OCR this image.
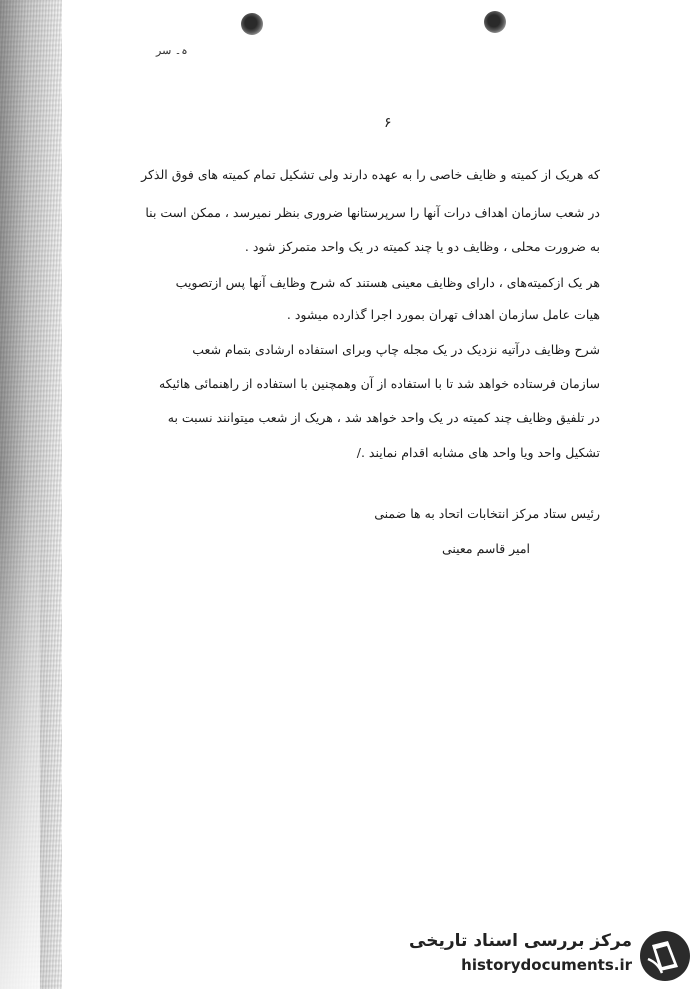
ہ۔ سر
۶
که هریک از کمیته و ظایف خاصی را به عهده دارند ولی تشکیل تمام کمیته های فوق الذکر
در شعب سازمان اهداف درات آنها را سرپرستانها ضروری بنظر نمیرسد ، ممکن است بنا
به ضرورت محلی ، وظایف دو یا چند کمیته در یک واحد متمرکز شود .
هر یک ازکمیته‌های ، دارای وظایف معینی هستند که شرح وظایف آنها پس ازتصویب
هیات عامل سازمان اهداف تهران بمورد اجرا گذارده میشود .
شرح وظایف درآتیه نزدیک در یک مجله چاپ وبرای استفاده ارشادی بتمام شعب
سازمان فرستاده خواهد شد تا با استفاده از آن وهمچنین با استفاده از راهنمائی هائیکه
در تلفیق وظایف چند کمیته در یک واحد خواهد شد ، هریک از شعب میتوانند نسبت به
تشکیل واحد ویا واحد های مشابه اقدام نمایند ./
رئیس ستاد مرکز انتخابات اتحاد به ها ضمنی
امیر قاسم معینی
مرکز بررسی اسناد تاریخی
historydocuments.ir
